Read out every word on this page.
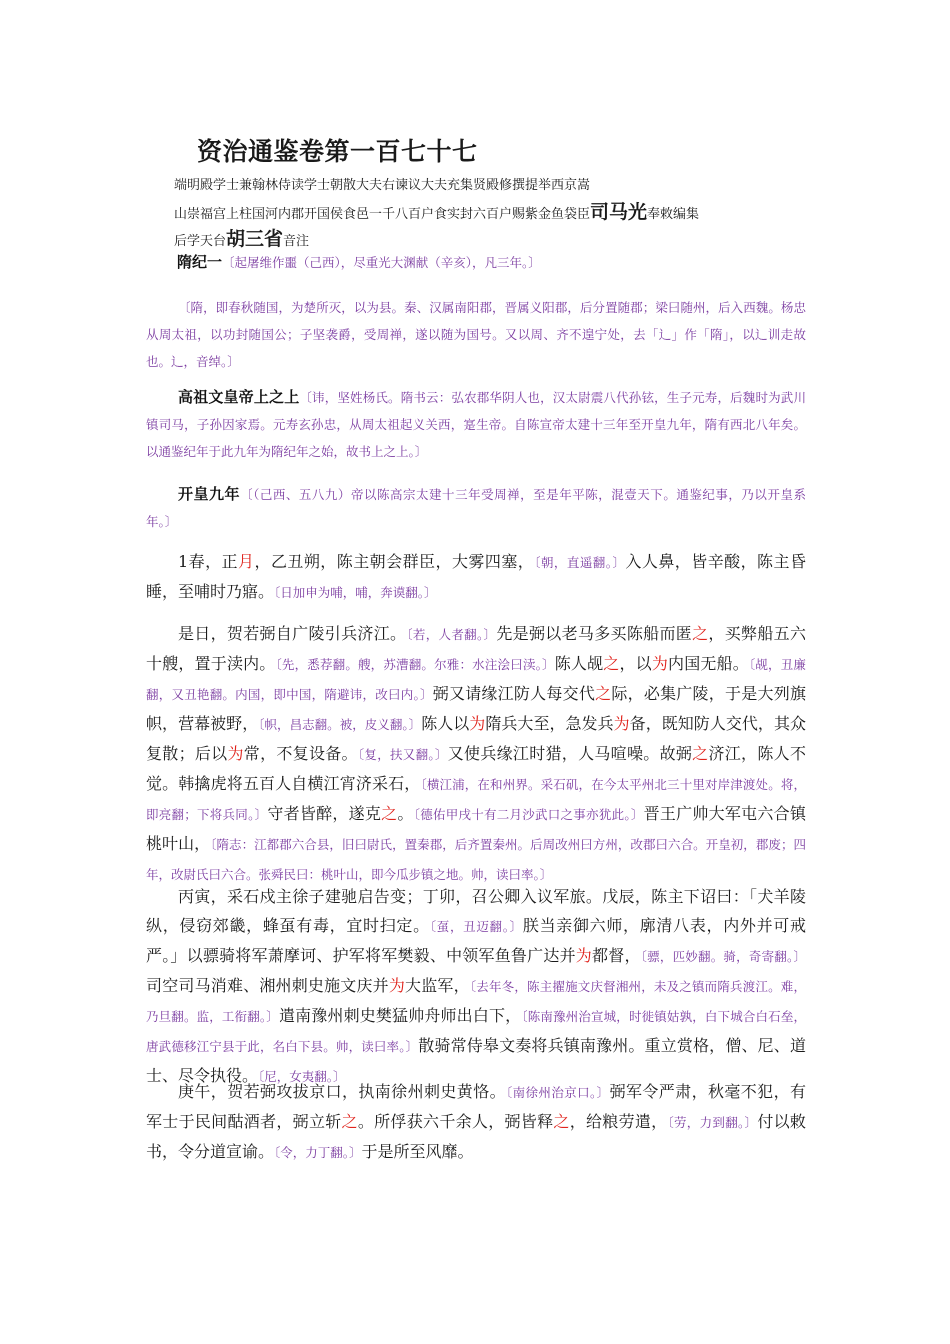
资治通鉴卷第一百七十七
端明殿学士兼翰林侍读学士朝散大夫右谏议大夫充集贤殿修撰提举西京嵩
山崇福宫上柱国河内郡开国侯食邑一千八百户食实封六百户赐紫金鱼袋臣司马光奉敕编集
后学天台胡三省音注
隋纪一〔起屠维作噩（己西），尽重光大渊献（辛亥），凡三年。〕

〔隋，即春秋随国，为楚所灭，以为县。秦、汉属南阳郡，晋属义阳郡，后分置随郡；梁曰随州，后入西魏。杨忠从周太祖，以功封随国公；子坚袭爵，受周禅，遂以随为国号。又以周、齐不遑宁处，去「辶」作「隋」，以辶训走故也。辶，音绰。〕

高祖文皇帝上之上〔讳，坚姓杨氏。隋书云：弘农郡华阴人也，汉太尉震八代孙铉，生子元寿，后魏时为武川镇司马，子孙因家焉。元寿玄孙忠，从周太祖起义关西，寔生帝。自陈宣帝太建十三年至开皇九年，隋有西北八年矣。以通鉴纪年于此九年为隋纪年之始，故书上之上。〕

开皇九年〔（己西、五八九）帝以陈高宗太建十三年受周禅，至是年平陈，混壹天下。通鉴纪事，乃以开皇系年。〕

1春，正月，乙丑朔，陈主朝会群臣，大雾四塞，〔朝，直遥翻。〕入人鼻，皆辛酸，陈主昏睡，至哺时乃寤。〔日加申为哺，哺，奔谟翻。〕

是日，贺若弼自广陵引兵济江。〔若，人者翻。〕先是弼以老马多买陈船而匿之，买弊船五六十艘，置于渎内。〔先，悉荐翻。艘，苏漕翻。尔雅：水注浍曰渎。〕陈人觇之，以为内国无船。〔觇，丑廉翻，又丑艳翻。内国，即中国，隋避讳，改曰内。〕弼又请缘江防人每交代之际，必集广陵，于是大列旗帜，营幕被野，〔帜，昌志翻。被，皮义翻。〕陈人以为隋兵大至，急发兵为备，既知防人交代，其众复散；后以为常，不复设备。〔复，扶又翻。〕又使兵缘江时猎，人马喧噪。故弼之济江，陈人不觉。韩擒虎将五百人自横江宵济采石，〔横江浦，在和州界。采石矶，在今太平州北三十里对岸津渡处。将，即亮翻；下将兵同。〕守者皆醉，遂克之。〔德佑甲戌十有二月沙武口之事亦犹此。〕晋王广帅大军屯六合镇桃叶山，〔隋志：江都郡六合县，旧曰尉氏，置秦郡，后齐置秦州。后周改州曰方州，改郡曰六合。开皇初，郡废；四年，改尉氏曰六合。张舜民曰：桃叶山，即今瓜步镇之地。帅，读曰率。〕

丙寅，采石戍主徐子建驰启告变；丁卯，召公卿入议军旅。戊辰，陈主下诏曰：「犬羊陵纵，侵窃郊畿，蜂虿有毒，宜时扫定。〔虿，丑迈翻。〕朕当亲御六师，廓清八表，内外并可戒严。」以骠骑将军萧摩诃、护军将军樊毅、中领军鱼鲁广达并为都督，〔骠，匹妙翻。骑，奇寄翻。〕司空司马消难、湘州刺史施文庆并为大监军，〔去年冬，陈主擢施文庆督湘州，未及之镇而隋兵渡江。难，乃旦翻。监，工衔翻。〕遣南豫州刺史樊猛帅舟师出白下，〔陈南豫州治宣城，时徙镇姑孰，白下城合白石垒，唐武德移江宁县于此，名白下县。帅，读曰率。〕散骑常侍皋文奏将兵镇南豫州。重立赏格，僧、尼、道士、尽令执役。〔尼，女夷翻。〕

庚午，贺若弼攻拔京口，执南徐州刺史黄恪。〔南徐州治京口。〕弼军令严肃，秋毫不犯，有军士于民间酤酒者，弼立斩之。所俘获六千余人，弼皆释之，给粮劳遣，〔劳，力到翻。〕付以敕书，令分道宣谕。〔令，力丁翻。〕于是所至风靡。
